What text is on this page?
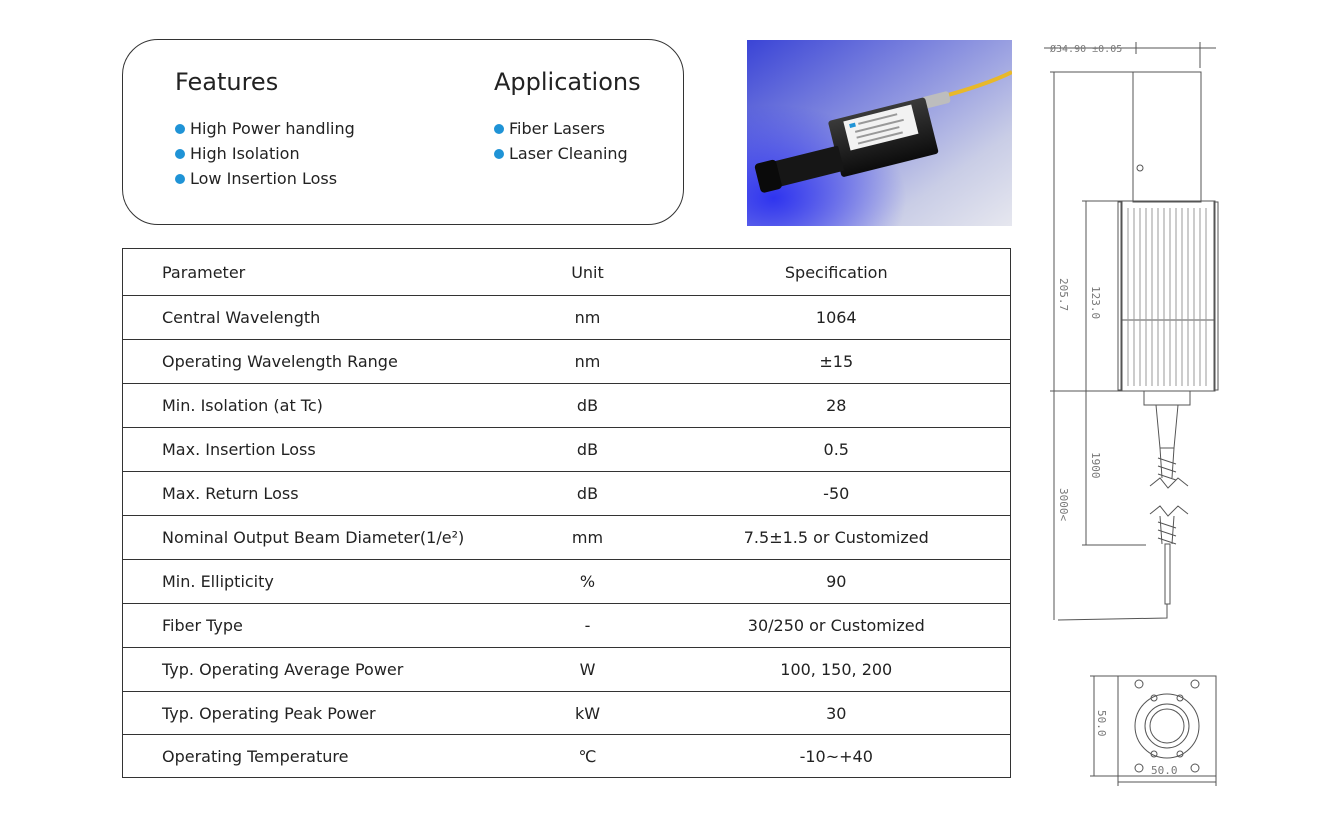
Features
High Power handling
High Isolation
Low Insertion Loss
Applications
Fiber Lasers
Laser Cleaning
Parameter	Unit	Specification
Central Wavelength	nm	1064
Operating Wavelength Range	nm	±15
Min. Isolation (at Tc)	dB	28
Max. Insertion Loss	dB	0.5
Max. Return Loss	dB	-50
Nominal Output Beam Diameter(1/e²)	mm	7.5±1.5 or Customized
Min. Ellipticity	%	90
Fiber Type	-	30/250 or Customized
Typ. Operating Average Power	W	100, 150, 200
Typ. Operating Peak Power	kW	30
Operating Temperature	℃	-10~+40
Ø34.90 ±0.05
205.7 123.0
1900
3000<
50.0
50.0
